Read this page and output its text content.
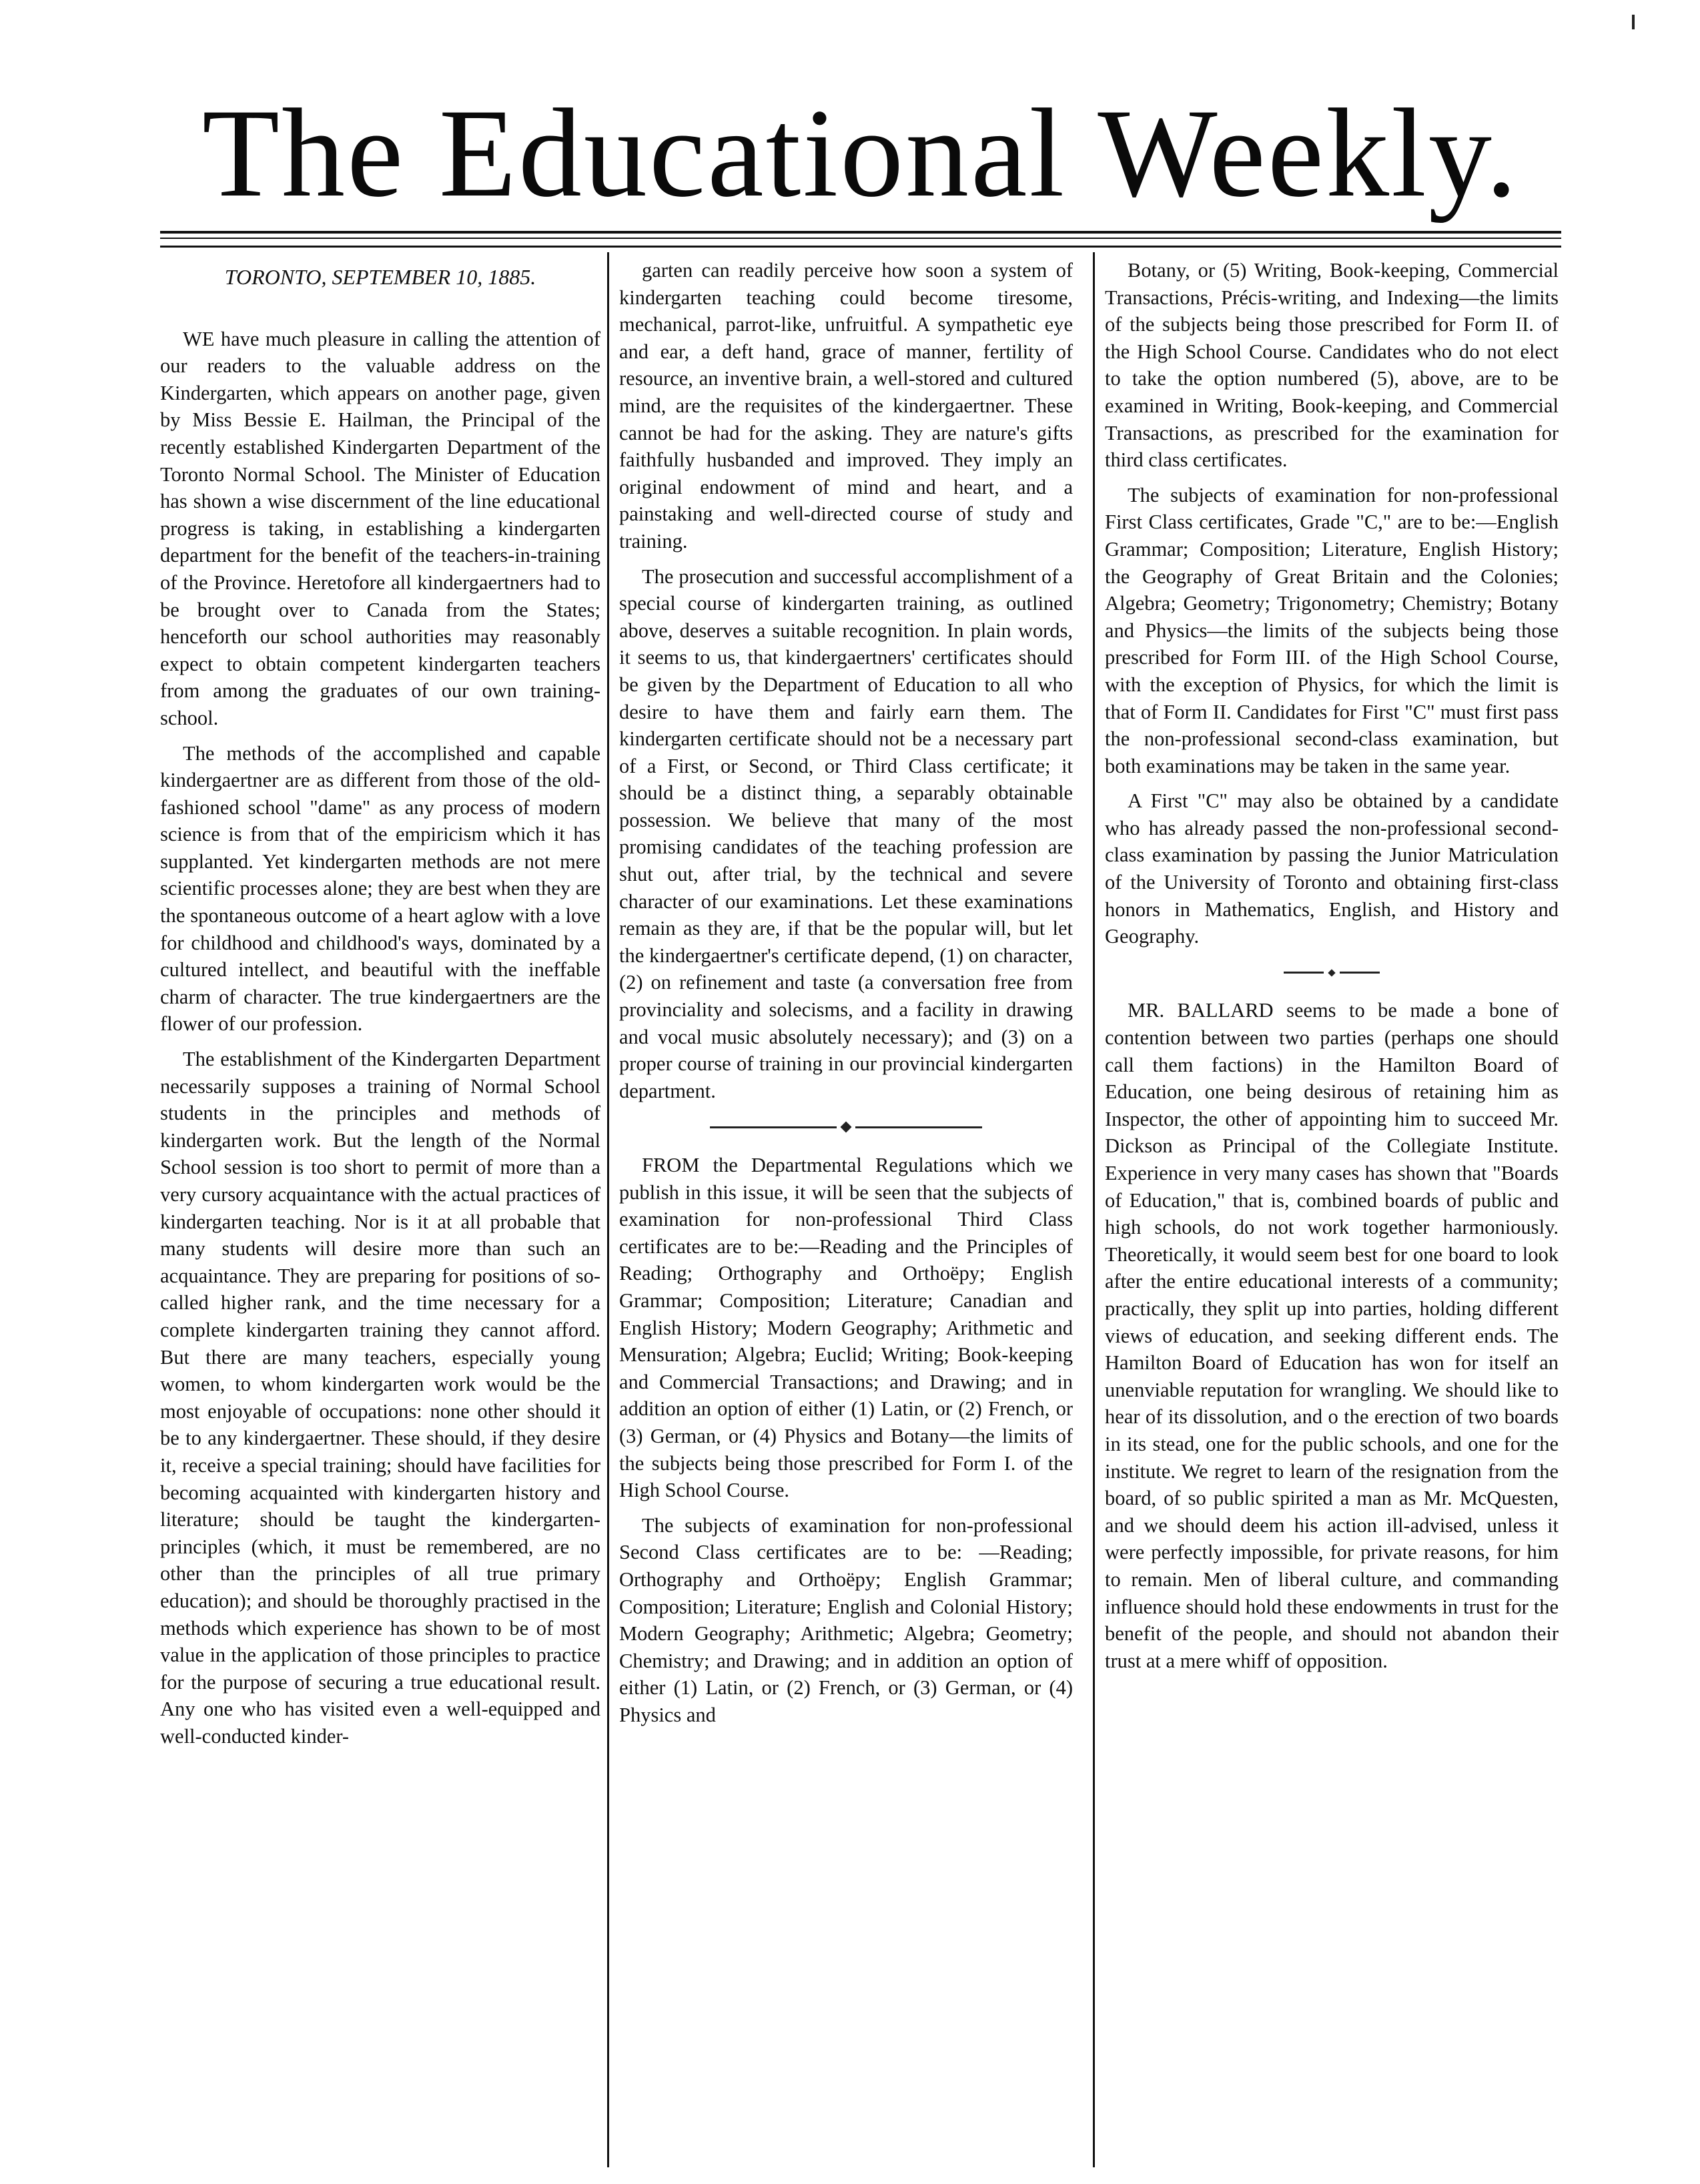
The Educational Weekly.

TORONTO, SEPTEMBER 10, 1885.

WE have much pleasure in calling the attention of our readers to the valuable address on the Kindergarten, which appears on another page, given by Miss Bessie E. Hailman, the Principal of the recently established Kindergarten Department of the Toronto Normal School. The Minister of Education has shown a wise discernment of the line educational progress is taking, in establishing a kindergarten department for the benefit of the teachers-in-training of the Province. Heretofore all kindergaertners had to be brought over to Canada from the States; henceforth our school authorities may reasonably expect to obtain competent kindergarten teachers from among the graduates of our own training-school.

The methods of the accomplished and capable kindergaertner are as different from those of the old-fashioned school "dame" as any process of modern science is from that of the empiricism which it has supplanted. Yet kindergarten methods are not mere scientific processes alone; they are best when they are the spontaneous outcome of a heart aglow with a love for childhood and childhood's ways, dominated by a cultured intellect, and beautiful with the ineffable charm of character. The true kindergaertners are the flower of our profession.

The establishment of the Kindergarten Department necessarily supposes a training of Normal School students in the principles and methods of kindergarten work. But the length of the Normal School session is too short to permit of more than a very cursory acquaintance with the actual practices of kindergarten teaching. Nor is it at all probable that many students will desire more than such an acquaintance. They are preparing for positions of so-called higher rank, and the time necessary for a complete kindergarten training they cannot afford. But there are many teachers, especially young women, to whom kindergarten work would be the most enjoyable of occupations: none other should it be to any kindergaertner. These should, if they desire it, receive a special training; should have facilities for becoming acquainted with kindergarten history and literature; should be taught the kindergarten-principles (which, it must be remembered, are no other than the principles of all true primary education); and should be thoroughly practised in the methods which experience has shown to be of most value in the application of those principles to practice for the purpose of securing a true educational result. Any one who has visited even a well-equipped and well-conducted kinder-

garten can readily perceive how soon a system of kindergarten teaching could become tiresome, mechanical, parrot-like, unfruitful. A sympathetic eye and ear, a deft hand, grace of manner, fertility of resource, an inventive brain, a well-stored and cultured mind, are the requisites of the kindergaertner. These cannot be had for the asking. They are nature's gifts faithfully husbanded and improved. They imply an original endowment of mind and heart, and a painstaking and well-directed course of study and training.

The prosecution and successful accomplishment of a special course of kindergarten training, as outlined above, deserves a suitable recognition. In plain words, it seems to us, that kindergaertners' certificates should be given by the Department of Education to all who desire to have them and fairly earn them. The kindergarten certificate should not be a necessary part of a First, or Second, or Third Class certificate; it should be a distinct thing, a separably obtainable possession. We believe that many of the most promising candidates of the teaching profession are shut out, after trial, by the technical and severe character of our examinations. Let these examinations remain as they are, if that be the popular will, but let the kindergaertner's certificate depend, (1) on character, (2) on refinement and taste (a conversation free from provinciality and solecisms, and a facility in drawing and vocal music absolutely necessary); and (3) on a proper course of training in our provincial kindergarten department.

FROM the Departmental Regulations which we publish in this issue, it will be seen that the subjects of examination for non-professional Third Class certificates are to be:—Reading and the Principles of Reading; Orthography and Orthoëpy; English Grammar; Composition; Literature; Canadian and English History; Modern Geography; Arithmetic and Mensuration; Algebra; Euclid; Writing; Book-keeping and Commercial Transactions; and Drawing; and in addition an option of either (1) Latin, or (2) French, or (3) German, or (4) Physics and Botany—the limits of the subjects being those prescribed for Form I. of the High School Course.

The subjects of examination for non-professional Second Class certificates are to be: —Reading; Orthography and Orthoëpy; English Grammar; Composition; Literature; English and Colonial History; Modern Geography; Arithmetic; Algebra; Geometry; Chemistry; and Drawing; and in addition an option of either (1) Latin, or (2) French, or (3) German, or (4) Physics and

Botany, or (5) Writing, Book-keeping, Commercial Transactions, Précis-writing, and Indexing—the limits of the subjects being those prescribed for Form II. of the High School Course. Candidates who do not elect to take the option numbered (5), above, are to be examined in Writing, Book-keeping, and Commercial Transactions, as prescribed for the examination for third class certificates.

The subjects of examination for non-professional First Class certificates, Grade "C," are to be:—English Grammar; Composition; Literature, English History; the Geography of Great Britain and the Colonies; Algebra; Geometry; Trigonometry; Chemistry; Botany and Physics—the limits of the subjects being those prescribed for Form III. of the High School Course, with the exception of Physics, for which the limit is that of Form II. Candidates for First "C" must first pass the non-professional second-class examination, but both examinations may be taken in the same year.

A First "C" may also be obtained by a candidate who has already passed the non-professional second-class examination by passing the Junior Matriculation of the University of Toronto and obtaining first-class honors in Mathematics, English, and History and Geography.

MR. BALLARD seems to be made a bone of contention between two parties (perhaps one should call them factions) in the Hamilton Board of Education, one being desirous of retaining him as Inspector, the other of appointing him to succeed Mr. Dickson as Principal of the Collegiate Institute. Experience in very many cases has shown that "Boards of Education," that is, combined boards of public and high schools, do not work together harmoniously. Theoretically, it would seem best for one board to look after the entire educational interests of a community; practically, they split up into parties, holding different views of education, and seeking different ends. The Hamilton Board of Education has won for itself an unenviable reputation for wrangling. We should like to hear of its dissolution, and o the erection of two boards in its stead, one for the public schools, and one for the institute. We regret to learn of the resignation from the board, of so public spirited a man as Mr. McQuesten, and we should deem his action ill-advised, unless it were perfectly impossible, for private reasons, for him to remain. Men of liberal culture, and commanding influence should hold these endowments in trust for the benefit of the people, and should not abandon their trust at a mere whiff of opposition.
